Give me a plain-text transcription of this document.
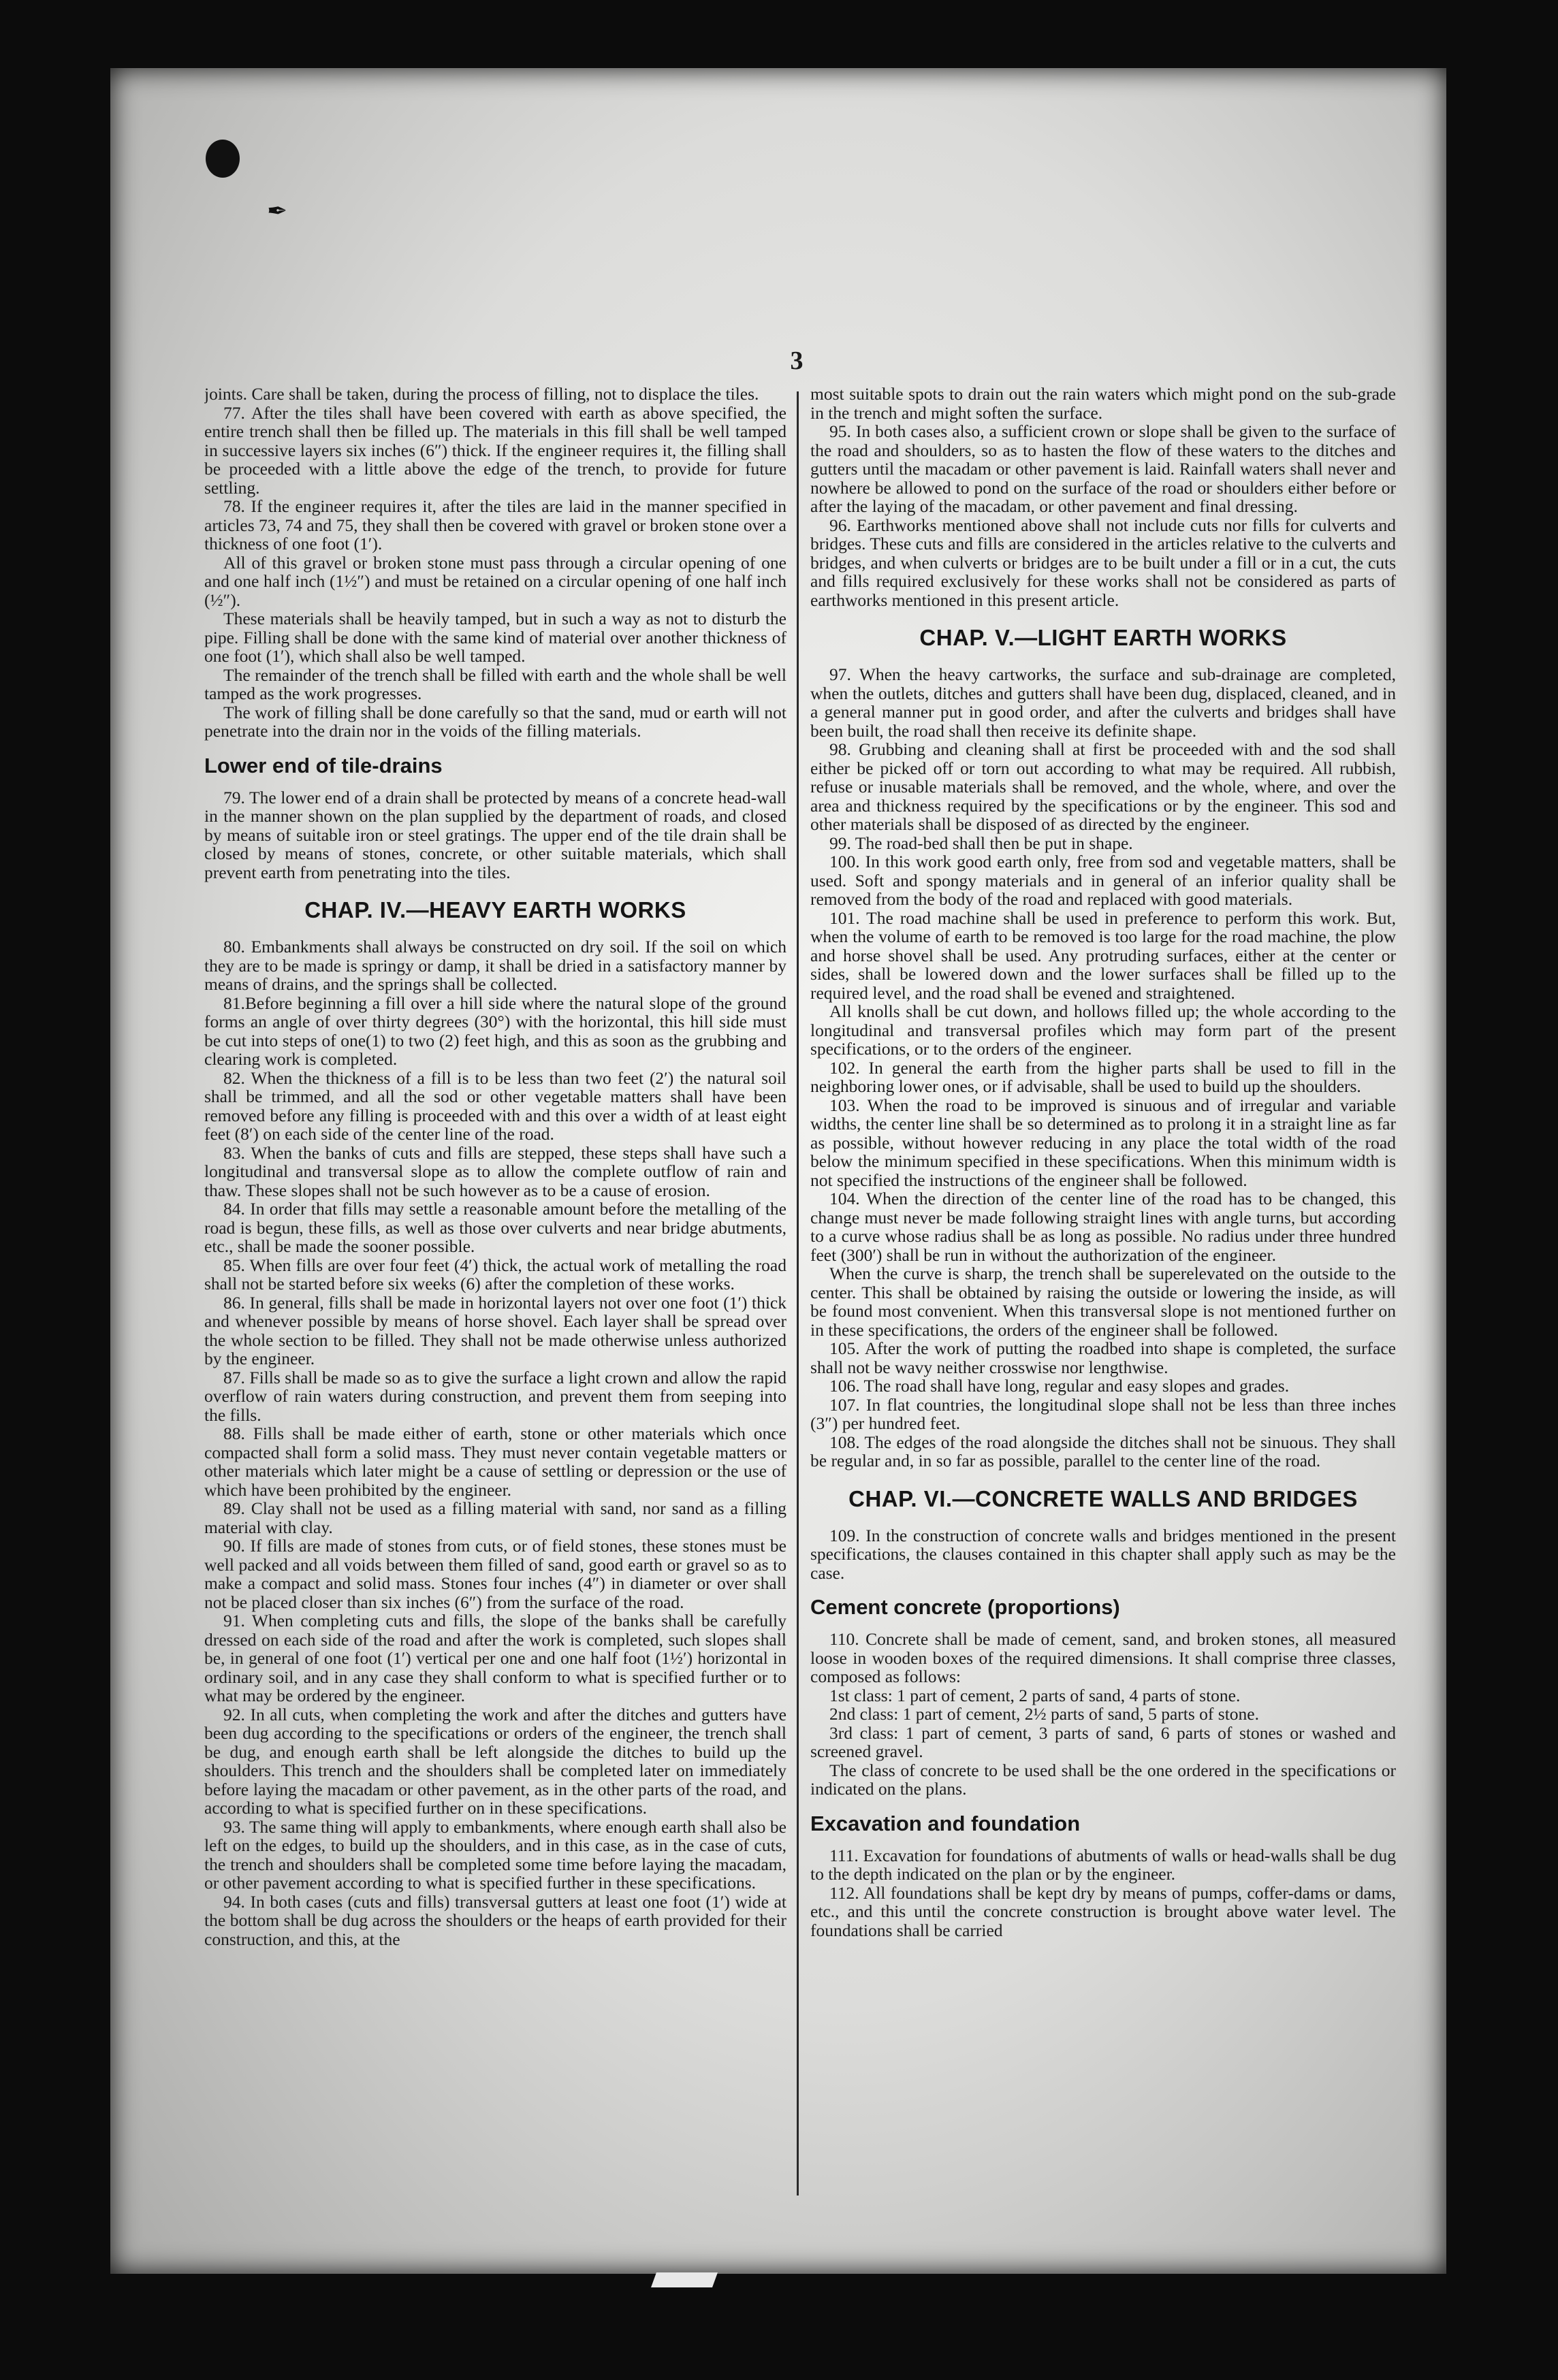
✒
3

joints. Care shall be taken, during the process of filling, not to displace the tiles.

77. After the tiles shall have been covered with earth as above specified, the entire trench shall then be filled up. The materials in this fill shall be well tamped in successive layers six inches (6″) thick. If the engineer requires it, the filling shall be proceeded with a little above the edge of the trench, to provide for future settling.

78. If the engineer requires it, after the tiles are laid in the manner specified in articles 73, 74 and 75, they shall then be covered with gravel or broken stone over a thickness of one foot (1′).

All of this gravel or broken stone must pass through a circular opening of one and one half inch (1½″) and must be retained on a circular opening of one half inch (½″).

These materials shall be heavily tamped, but in such a way as not to disturb the pipe. Filling shall be done with the same kind of material over another thickness of one foot (1′), which shall also be well tamped.

The remainder of the trench shall be filled with earth and the whole shall be well tamped as the work progresses.

The work of filling shall be done carefully so that the sand, mud or earth will not penetrate into the drain nor in the voids of the filling materials.

Lower end of tile-drains

79. The lower end of a drain shall be protected by means of a concrete head-wall in the manner shown on the plan supplied by the department of roads, and closed by means of suitable iron or steel gratings. The upper end of the tile drain shall be closed by means of stones, concrete, or other suitable materials, which shall prevent earth from penetrating into the tiles.

CHAP. IV.—HEAVY EARTH WORKS

80. Embankments shall always be constructed on dry soil. If the soil on which they are to be made is springy or damp, it shall be dried in a satisfactory manner by means of drains, and the springs shall be collected.

81.Before beginning a fill over a hill side where the natural slope of the ground forms an angle of over thirty degrees (30°) with the horizontal, this hill side must be cut into steps of one(1) to two (2) feet high, and this as soon as the grubbing and clearing work is completed.

82. When the thickness of a fill is to be less than two feet (2′) the natural soil shall be trimmed, and all the sod or other vegetable matters shall have been removed before any filling is proceeded with and this over a width of at least eight feet (8′) on each side of the center line of the road.

83. When the banks of cuts and fills are stepped, these steps shall have such a longitudinal and transversal slope as to allow the complete outflow of rain and thaw. These slopes shall not be such however as to be a cause of erosion.

84. In order that fills may settle a reasonable amount before the metalling of the road is begun, these fills, as well as those over culverts and near bridge abutments, etc., shall be made the sooner possible.

85. When fills are over four feet (4′) thick, the actual work of metalling the road shall not be started before six weeks (6) after the completion of these works.

86. In general, fills shall be made in horizontal layers not over one foot (1′) thick and whenever possible by means of horse shovel. Each layer shall be spread over the whole section to be filled. They shall not be made otherwise unless authorized by the engineer.

87. Fills shall be made so as to give the surface a light crown and allow the rapid overflow of rain waters during construction, and prevent them from seeping into the fills.

88. Fills shall be made either of earth, stone or other materials which once compacted shall form a solid mass. They must never contain vegetable matters or other materials which later might be a cause of settling or depression or the use of which have been prohibited by the engineer.

89. Clay shall not be used as a filling material with sand, nor sand as a filling material with clay.

90. If fills are made of stones from cuts, or of field stones, these stones must be well packed and all voids between them filled of sand, good earth or gravel so as to make a compact and solid mass. Stones four inches (4″) in diameter or over shall not be placed closer than six inches (6″) from the surface of the road.

91. When completing cuts and fills, the slope of the banks shall be carefully dressed on each side of the road and after the work is completed, such slopes shall be, in general of one foot (1′) vertical per one and one half foot (1½′) horizontal in ordinary soil, and in any case they shall conform to what is specified further or to what may be ordered by the engineer.

92. In all cuts, when completing the work and after the ditches and gutters have been dug according to the specifications or orders of the engineer, the trench shall be dug, and enough earth shall be left alongside the ditches to build up the shoulders. This trench and the shoulders shall be completed later on immediately before laying the macadam or other pavement, as in the other parts of the road, and according to what is specified further on in these specifications.

93. The same thing will apply to embankments, where enough earth shall also be left on the edges, to build up the shoulders, and in this case, as in the case of cuts, the trench and shoulders shall be completed some time before laying the macadam, or other pavement according to what is specified further in these specifications.

94. In both cases (cuts and fills) transversal gutters at least one foot (1′) wide at the bottom shall be dug across the shoulders or the heaps of earth provided for their construction, and this, at the

most suitable spots to drain out the rain waters which might pond on the sub-grade in the trench and might soften the surface.

95. In both cases also, a sufficient crown or slope shall be given to the surface of the road and shoulders, so as to hasten the flow of these waters to the ditches and gutters until the macadam or other pavement is laid. Rainfall waters shall never and nowhere be allowed to pond on the surface of the road or shoulders either before or after the laying of the macadam, or other pavement and final dressing.

96. Earthworks mentioned above shall not include cuts nor fills for culverts and bridges. These cuts and fills are considered in the articles relative to the culverts and bridges, and when culverts or bridges are to be built under a fill or in a cut, the cuts and fills required exclusively for these works shall not be considered as parts of earthworks mentioned in this present article.

CHAP. V.—LIGHT EARTH WORKS

97. When the heavy cartworks, the surface and sub-drainage are completed, when the outlets, ditches and gutters shall have been dug, displaced, cleaned, and in a general manner put in good order, and after the culverts and bridges shall have been built, the road shall then receive its definite shape.

98. Grubbing and cleaning shall at first be proceeded with and the sod shall either be picked off or torn out according to what may be required. All rubbish, refuse or inusable materials shall be removed, and the whole, where, and over the area and thickness required by the specifications or by the engineer. This sod and other materials shall be disposed of as directed by the engineer.

99. The road-bed shall then be put in shape.

100. In this work good earth only, free from sod and vegetable matters, shall be used. Soft and spongy materials and in general of an inferior quality shall be removed from the body of the road and replaced with good materials.

101. The road machine shall be used in preference to perform this work. But, when the volume of earth to be removed is too large for the road machine, the plow and horse shovel shall be used. Any protruding surfaces, either at the center or sides, shall be lowered down and the lower surfaces shall be filled up to the required level, and the road shall be evened and straightened.

All knolls shall be cut down, and hollows filled up; the whole according to the longitudinal and transversal profiles which may form part of the present specifications, or to the orders of the engineer.

102. In general the earth from the higher parts shall be used to fill in the neighboring lower ones, or if advisable, shall be used to build up the shoulders.

103. When the road to be improved is sinuous and of irregular and variable widths, the center line shall be so determined as to prolong it in a straight line as far as possible, without however reducing in any place the total width of the road below the minimum specified in these specifications. When this minimum width is not specified the instructions of the engineer shall be followed.

104. When the direction of the center line of the road has to be changed, this change must never be made following straight lines with angle turns, but according to a curve whose radius shall be as long as possible. No radius under three hundred feet (300′) shall be run in without the authorization of the engineer.

When the curve is sharp, the trench shall be superelevated on the outside to the center. This shall be obtained by raising the outside or lowering the inside, as will be found most convenient. When this transversal slope is not mentioned further on in these specifications, the orders of the engineer shall be followed.

105. After the work of putting the roadbed into shape is completed, the surface shall not be wavy neither crosswise nor lengthwise.

106. The road shall have long, regular and easy slopes and grades.

107. In flat countries, the longitudinal slope shall not be less than three inches (3″) per hundred feet.

108. The edges of the road alongside the ditches shall not be sinuous. They shall be regular and, in so far as possible, parallel to the center line of the road.

CHAP. VI.—CONCRETE WALLS AND BRIDGES

109. In the construction of concrete walls and bridges mentioned in the present specifications, the clauses contained in this chapter shall apply such as may be the case.

Cement concrete (proportions)

110. Concrete shall be made of cement, sand, and broken stones, all measured loose in wooden boxes of the required dimensions. It shall comprise three classes, composed as follows:

1st class: 1 part of cement, 2 parts of sand, 4 parts of stone.

2nd class: 1 part of cement, 2½ parts of sand, 5 parts of stone.

3rd class: 1 part of cement, 3 parts of sand, 6 parts of stones or washed and screened gravel.

The class of concrete to be used shall be the one ordered in the specifications or indicated on the plans.

Excavation and foundation

111. Excavation for foundations of abutments of walls or head-walls shall be dug to the depth indicated on the plan or by the engineer.

112. All foundations shall be kept dry by means of pumps, coffer-dams or dams, etc., and this until the concrete construction is brought above water level. The foundations shall be carried
